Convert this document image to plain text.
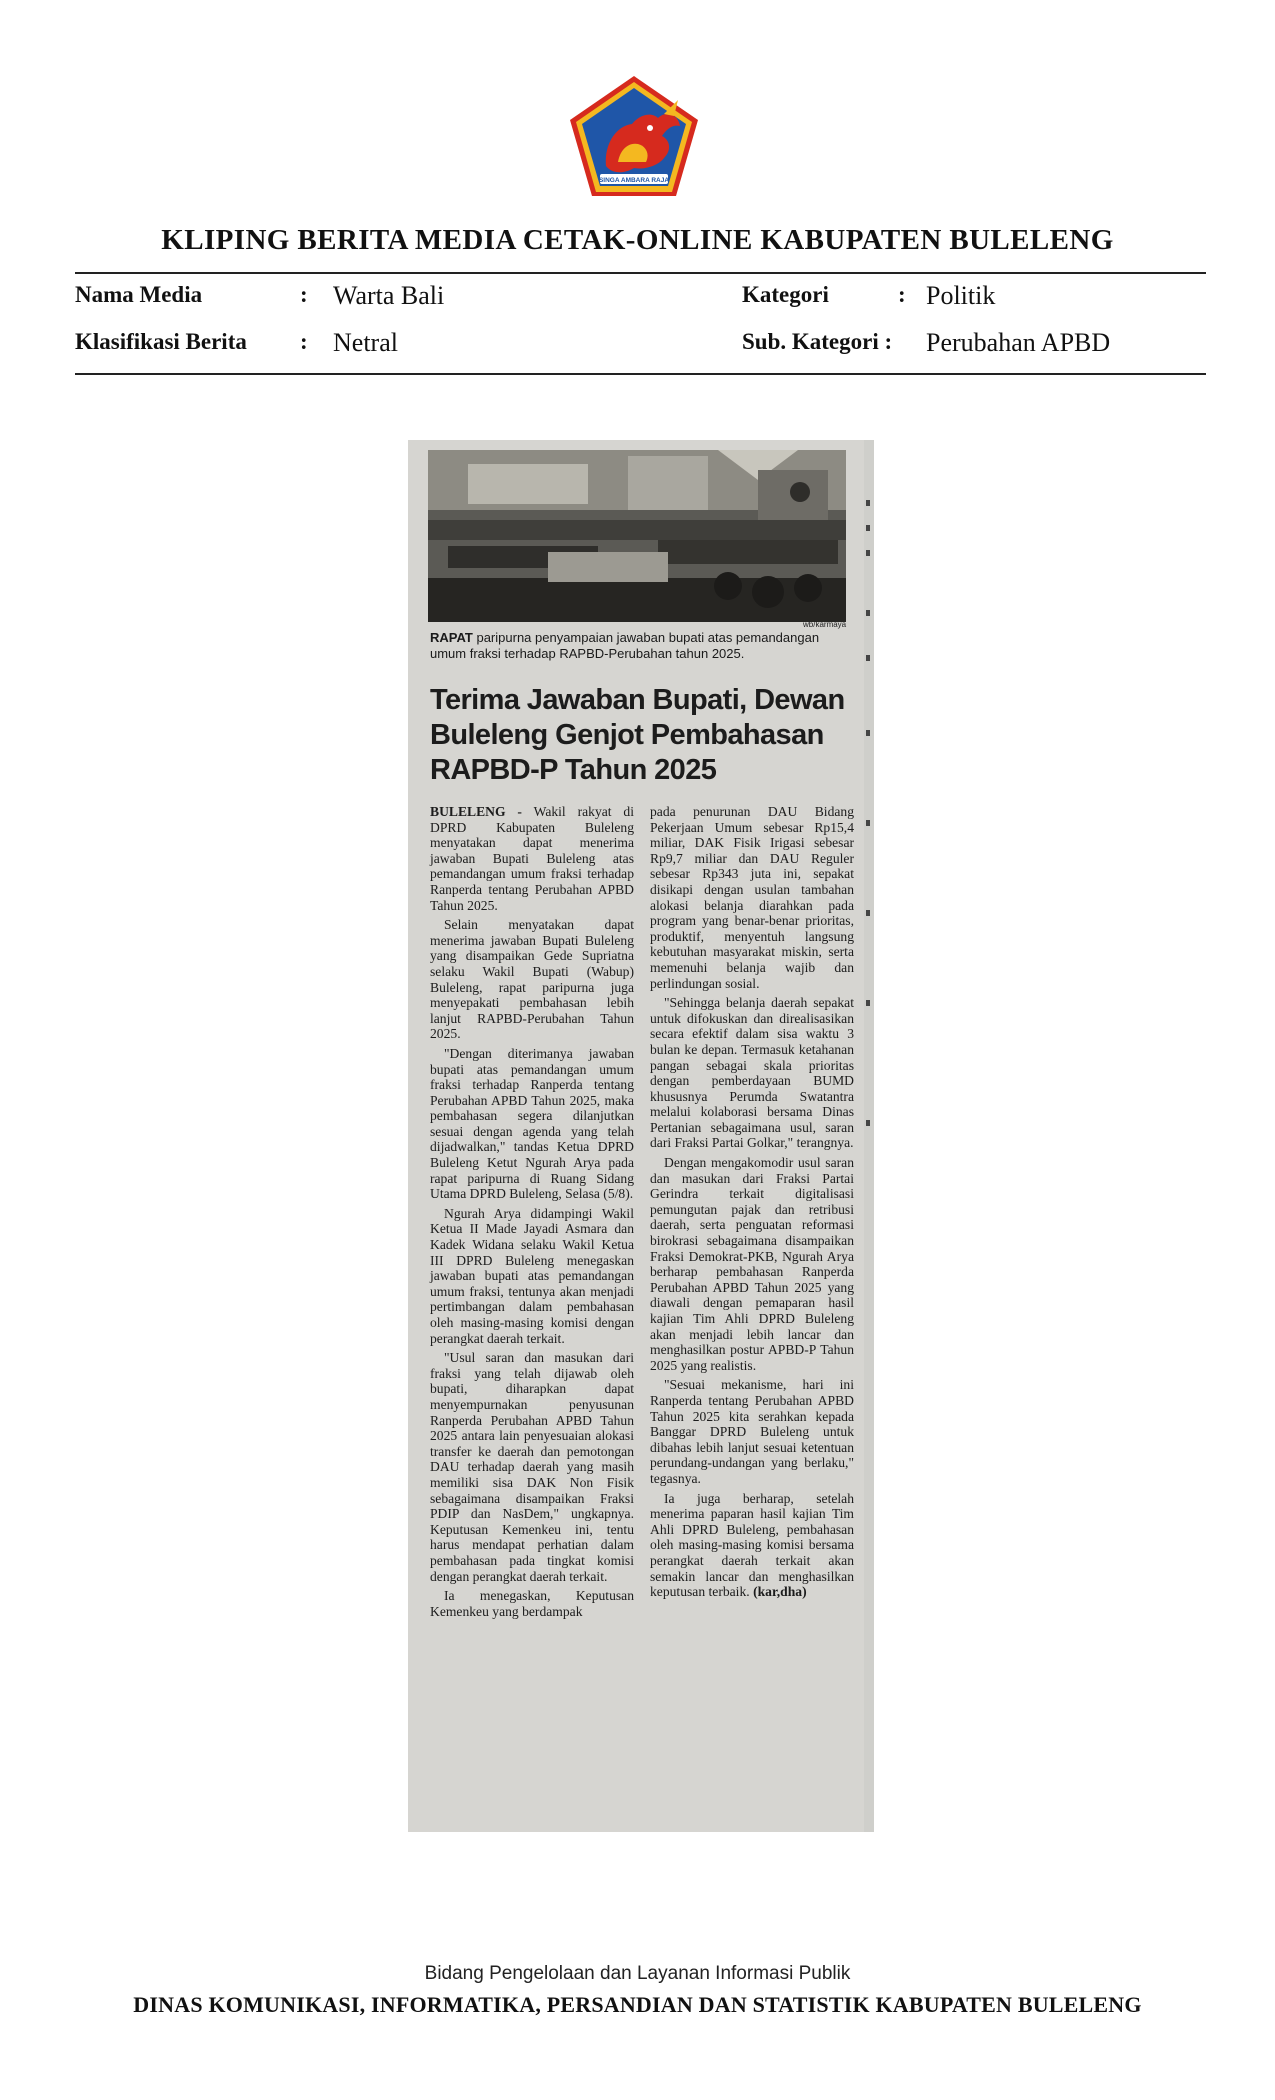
SINGA AMBARA RAJA
KLIPING BERITA MEDIA CETAK-ONLINE KABUPATEN BULELENG
Nama Media	: Warta Bali	Kategori	: Politik
Klasifikasi Berita : Netral	Sub. Kategori : Perubahan APBD
wb/karmaya
RAPAT paripurna penyampaian jawaban bupati atas pemandangan umum fraksi terhadap RAPBD-Perubahan tahun 2025.
Terima Jawaban Bupati, Dewan Buleleng Genjot Pembahasan RAPBD-P Tahun 2025

BULELENG - Wakil rakyat di DPRD Kabupaten Buleleng menyatakan dapat menerima jawaban Bupati Buleleng atas pemandangan umum fraksi terhadap Ranperda tentang Perubahan APBD Tahun 2025.

Selain menyatakan dapat menerima jawaban Bupati Buleleng yang disampaikan Gede Supriatna selaku Wakil Bupati (Wabup) Buleleng, rapat paripurna juga menyepakati pembahasan lebih lanjut RAPBD-Perubahan Tahun 2025.

"Dengan diterimanya jawaban bupati atas pemandangan umum fraksi terhadap Ranperda tentang Perubahan APBD Tahun 2025, maka pembahasan segera dilanjutkan sesuai dengan agenda yang telah dijadwalkan," tandas Ketua DPRD Buleleng Ketut Ngurah Arya pada rapat paripurna di Ruang Sidang Utama DPRD Buleleng, Selasa (5/8).

Ngurah Arya didampingi Wakil Ketua II Made Jayadi Asmara dan Kadek Widana selaku Wakil Ketua III DPRD Buleleng menegaskan jawaban bupati atas pemandangan umum fraksi, tentunya akan menjadi pertimbangan dalam pembahasan oleh masing-masing komisi dengan perangkat daerah terkait.

"Usul saran dan masukan dari fraksi yang telah dijawab oleh bupati, diharapkan dapat menyempurnakan penyusunan Ranperda Perubahan APBD Tahun 2025 antara lain penyesuaian alokasi transfer ke daerah dan pemotongan DAU terhadap daerah yang masih memiliki sisa DAK Non Fisik sebagaimana disampaikan Fraksi PDIP dan NasDem," ungkapnya. Keputusan Kemenkeu ini, tentu harus mendapat perhatian dalam pembahasan pada tingkat komisi dengan perangkat daerah terkait.

Ia menegaskan, Keputusan Kemenkeu yang berdampak

pada penurunan DAU Bidang Pekerjaan Umum sebesar Rp15,4 miliar, DAK Fisik Irigasi sebesar Rp9,7 miliar dan DAU Reguler sebesar Rp343 juta ini, sepakat disikapi dengan usulan tambahan alokasi belanja diarahkan pada program yang benar-benar prioritas, produktif, menyentuh langsung kebutuhan masyarakat miskin, serta memenuhi belanja wajib dan perlindungan sosial.

"Sehingga belanja daerah sepakat untuk difokuskan dan direalisasikan secara efektif dalam sisa waktu 3 bulan ke depan. Termasuk ketahanan pangan sebagai skala prioritas dengan pemberdayaan BUMD khususnya Perumda Swatantra melalui kolaborasi bersama Dinas Pertanian sebagaimana usul, saran dari Fraksi Partai Golkar," terangnya.

Dengan mengakomodir usul saran dan masukan dari Fraksi Partai Gerindra terkait digitalisasi pemungutan pajak dan retribusi daerah, serta penguatan reformasi birokrasi sebagaimana disampaikan Fraksi Demokrat-PKB, Ngurah Arya berharap pembahasan Ranperda Perubahan APBD Tahun 2025 yang diawali dengan pemaparan hasil kajian Tim Ahli DPRD Buleleng akan menjadi lebih lancar dan menghasilkan postur APBD-P Tahun 2025 yang realistis.

"Sesuai mekanisme, hari ini Ranperda tentang Perubahan APBD Tahun 2025 kita serahkan kepada Banggar DPRD Buleleng untuk dibahas lebih lanjut sesuai ketentuan perundang-undangan yang berlaku," tegasnya.

Ia juga berharap, setelah menerima paparan hasil kajian Tim Ahli DPRD Buleleng, pembahasan oleh masing-masing komisi bersama perangkat daerah terkait akan semakin lancar dan menghasilkan keputusan terbaik. (kar,dha)

Bidang Pengelolaan dan Layanan Informasi Publik
DINAS KOMUNIKASI, INFORMATIKA, PERSANDIAN DAN STATISTIK KABUPATEN BULELENG
